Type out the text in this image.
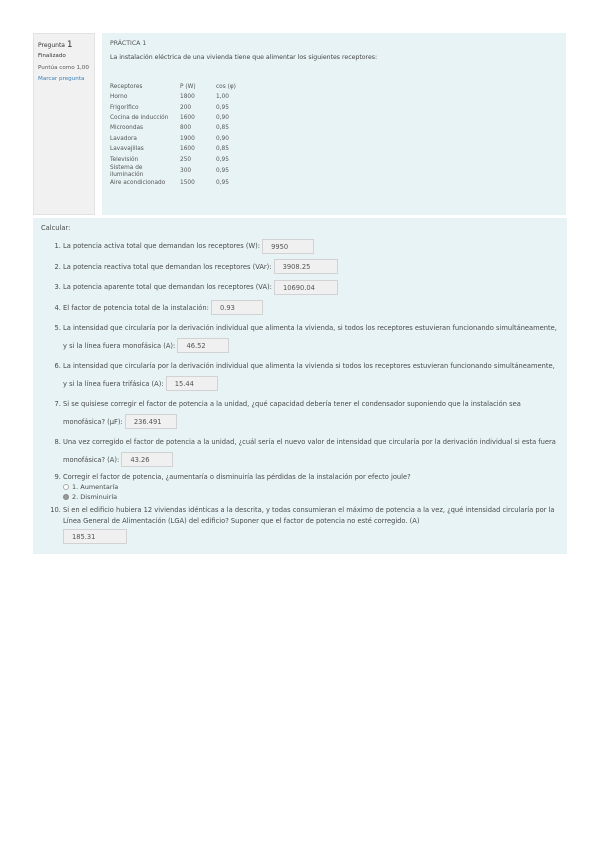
Pregunta 1
Finalizado
Puntúa como 1,00
Marcar pregunta
PRÁCTICA 1
La instalación eléctrica de una vivienda tiene que alimentar los siguientes receptores:
Receptores	P (W)	cos (φ)
Horno	1800	1,00
Frigorífico	200	0,95
Cocina de inducción	1600	0,90
Microondas	800	0,85
Lavadora	1900	0,90
Lavavajillas	1600	0,85
Televisión	250	0,95
Sistema de iluminación	300	0,95
Aire acondicionado	1500	0,95
Calcular:
1. La potencia activa total que demandan los receptores (W): 9950
2. La potencia reactiva total que demandan los receptores (VAr): 3908.25
3. La potencia aparente total que demandan los receptores (VA): 10690.04
4. El factor de potencia total de la instalación: 0.93
5. La intensidad que circularía por la derivación individual que alimenta la vivienda, si todos los receptores estuvieran funcionando simultáneamente, y si la línea fuera monofásica (A): 46.52
6. La intensidad que circularía por la derivación individual que alimenta la vivienda si todos los receptores estuvieran funcionando simultáneamente, y si la línea fuera trifásica (A): 15.44
7. Si se quisiese corregir el factor de potencia a la unidad, ¿qué capacidad debería tener el condensador suponiendo que la instalación sea monofásica? (µF): 236.491
8. Una vez corregido el factor de potencia a la unidad, ¿cuál sería el nuevo valor de intensidad que circularía por la derivación individual si esta fuera monofásica? (A): 43.26
9. Corregir el factor de potencia, ¿aumentaría o disminuiría las pérdidas de la instalación por efecto joule?
1. Aumentaría
2. Disminuiría
10. Si en el edificio hubiera 12 viviendas idénticas a la descrita, y todas consumieran el máximo de potencia a la vez, ¿qué intensidad circularía por la Línea General de Alimentación (LGA) del edificio? Suponer que el factor de potencia no esté corregido. (A)
185.31
